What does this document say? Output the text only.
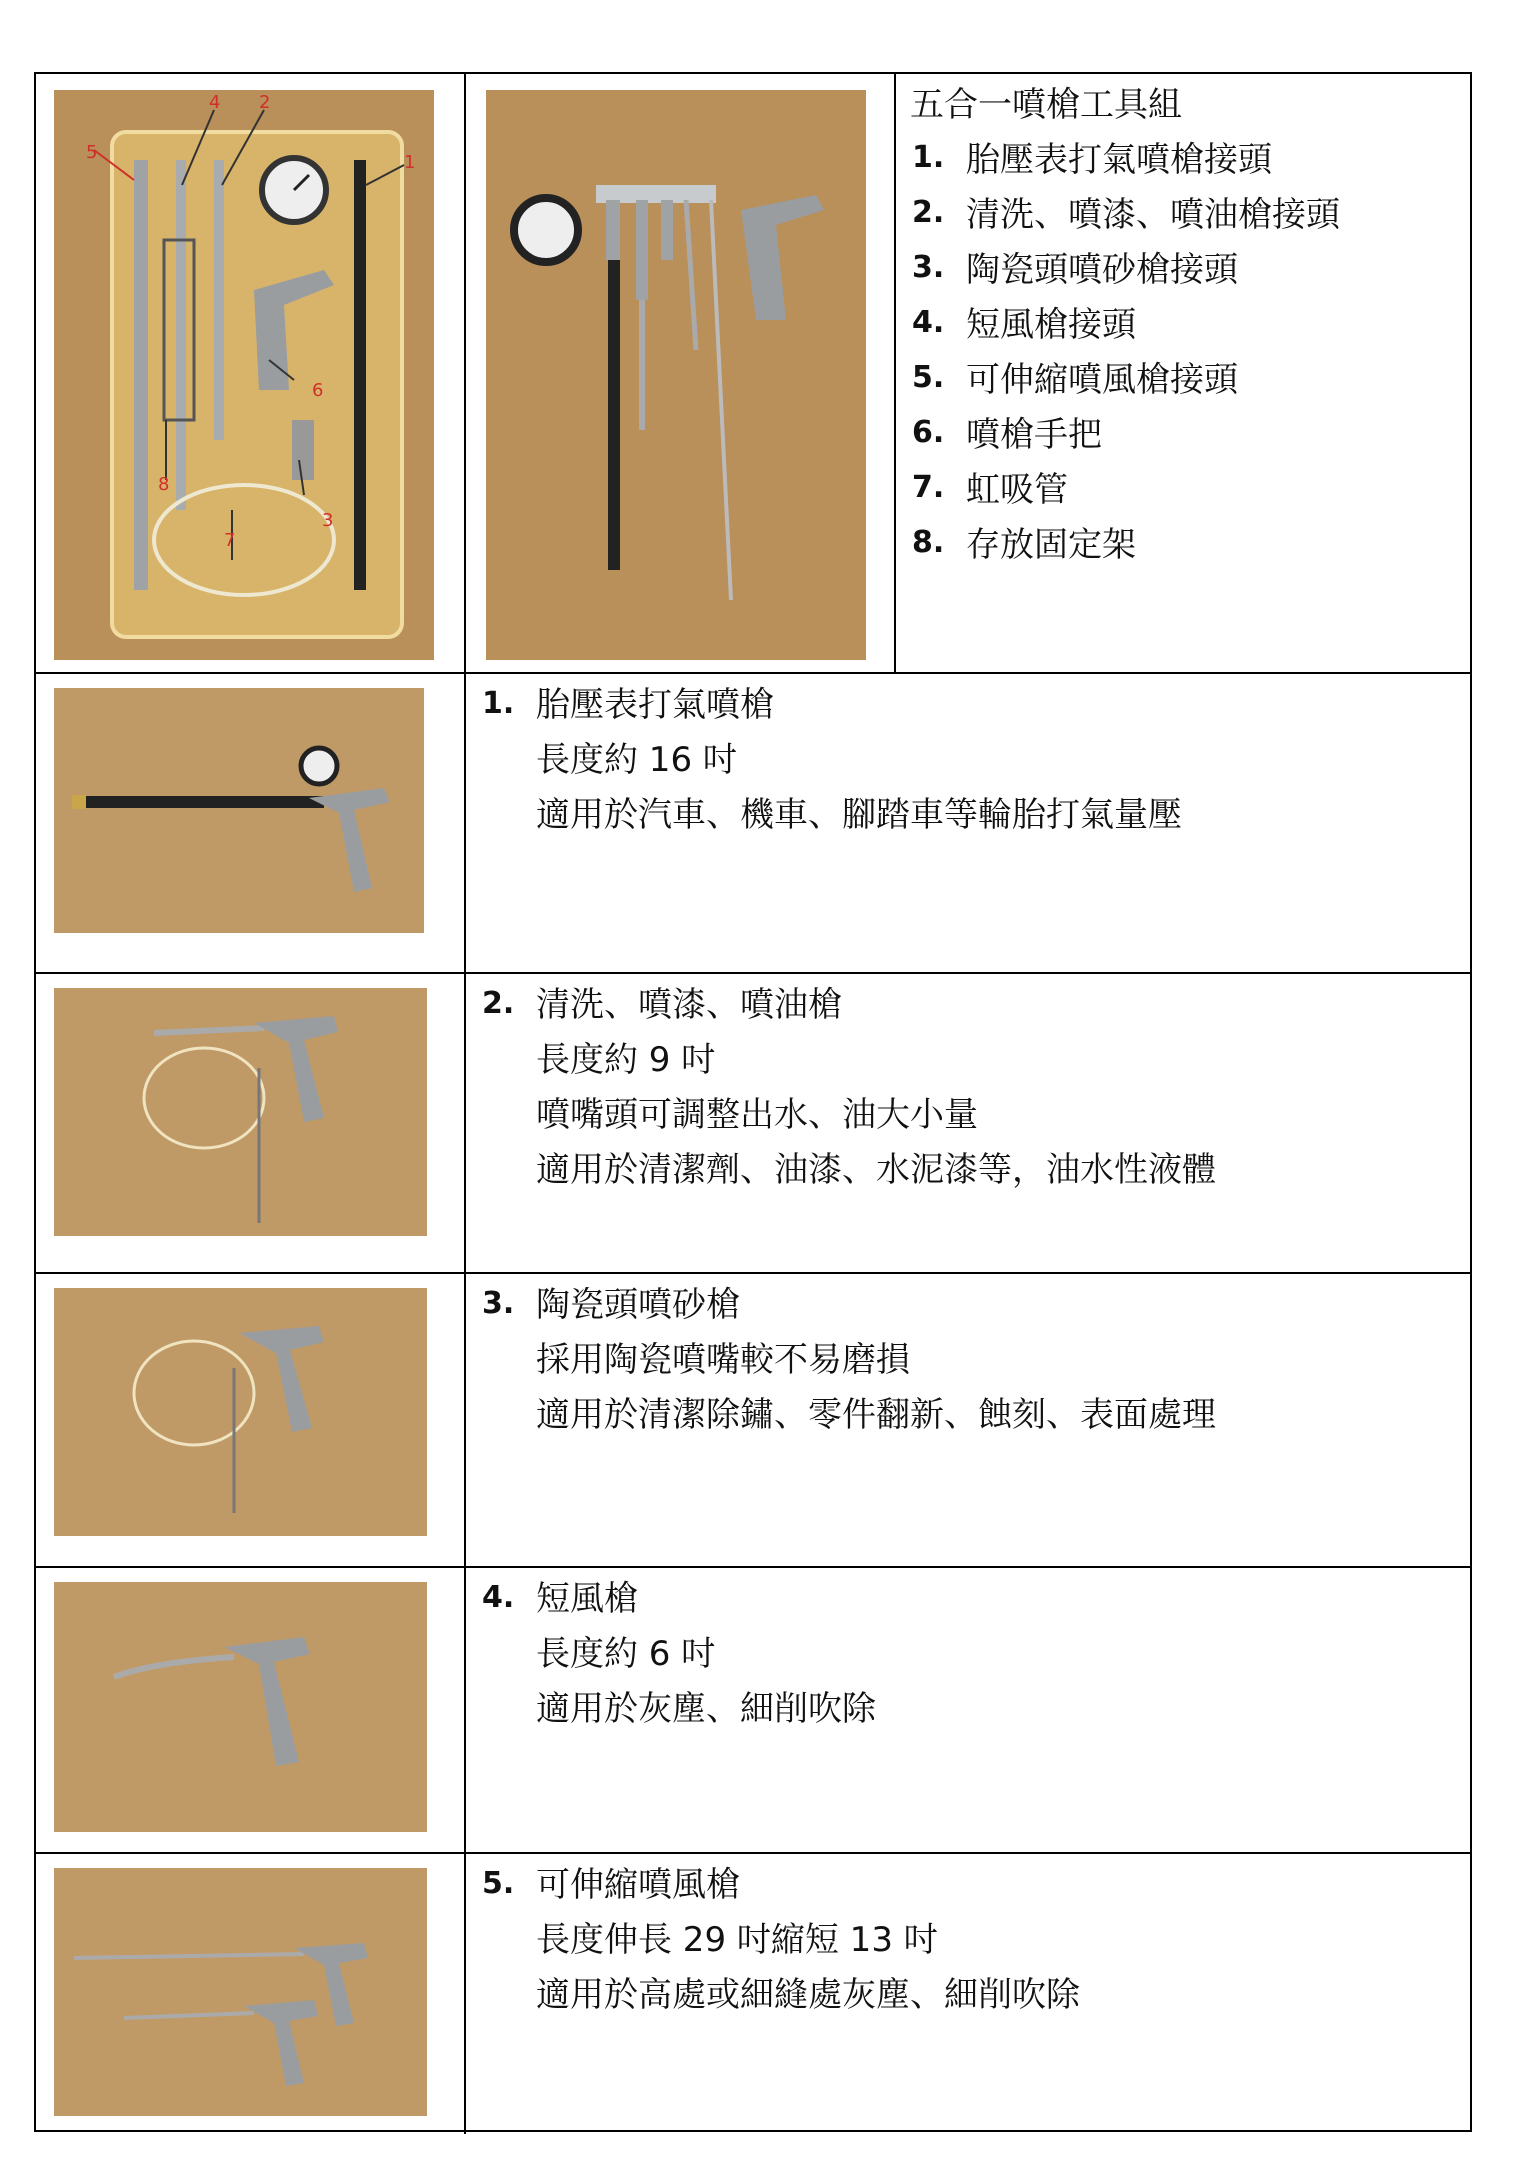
1
2
3
4
5
6
7
8
五合一噴槍工具組
1. 胎壓表打氣噴槍接頭
2. 清洗、噴漆、噴油槍接頭
3. 陶瓷頭噴砂槍接頭
4. 短風槍接頭
5. 可伸縮噴風槍接頭
6. 噴槍手把
7. 虹吸管
8. 存放固定架
1. 胎壓表打氣噴槍
長度約 16 吋
適用於汽車、機車、腳踏車等輪胎打氣量壓
2. 清洗、噴漆、噴油槍
長度約 9 吋
噴嘴頭可調整出水、油大小量
適用於清潔劑、油漆、水泥漆等，油水性液體
3. 陶瓷頭噴砂槍
採用陶瓷噴嘴較不易磨損
適用於清潔除鏽、零件翻新、蝕刻、表面處理
4. 短風槍
長度約 6 吋
適用於灰塵、細削吹除
5. 可伸縮噴風槍
長度伸長 29 吋縮短 13 吋
適用於高處或細縫處灰塵、細削吹除
